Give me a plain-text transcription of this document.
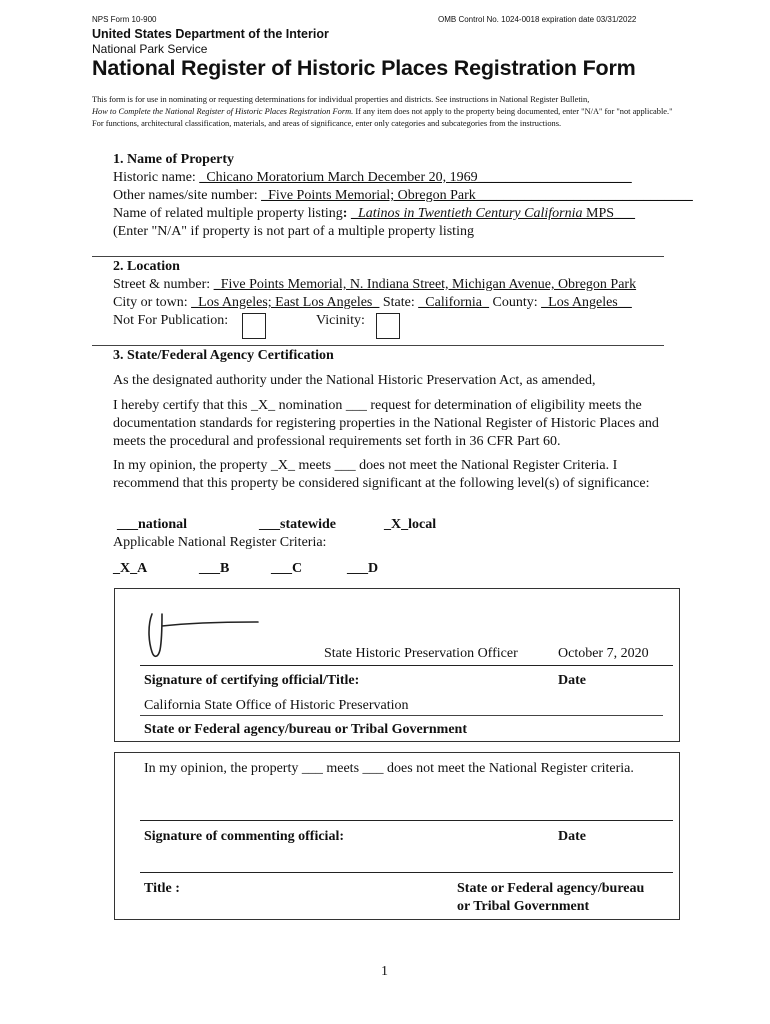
NPS Form 10-900	OMB Control No. 1024-0018 expiration date 03/31/2022
United States Department of the Interior
National Park Service
National Register of Historic Places Registration Form
This form is for use in nominating or requesting determinations for individual properties and districts. See instructions in National Register Bulletin,
How to Complete the National Register of Historic Places Registration Form. If any item does not apply to the property being documented, enter "N/A" for "not applicable." For functions, architectural classification, materials, and areas of significance, enter only categories and subcategories from the instructions.
1. Name of Property
Historic name: _Chicano Moratorium March December 20, 1969______________________
Other names/site number: _Five Points Memorial; Obregon Park_______________________________
Name of related multiple property listing: _Latinos in Twentieth Century California MPS___
(Enter "N/A" if property is not part of a multiple property listing
2. Location
Street & number: _Five Points Memorial, N. Indiana Street, Michigan Avenue, Obregon Park
City or town: _Los Angeles; East Los Angeles_ State: _California_ County: _Los Angeles__
Not For Publication:	Vicinity:
3. State/Federal Agency Certification
As the designated authority under the National Historic Preservation Act, as amended,
I hereby certify that this _X_ nomination ___ request for determination of eligibility meets the documentation standards for registering properties in the National Register of Historic Places and meets the procedural and professional requirements set forth in 36 CFR Part 60.
In my opinion, the property _X_ meets ___ does not meet the National Register Criteria. I recommend that this property be considered significant at the following level(s) of significance:
___national	___statewide	_X_local
Applicable National Register Criteria:
_X_A	___B	___C	___D
State Historic Preservation Officer	October 7, 2020
Signature of certifying official/Title:	Date
California State Office of Historic Preservation
State or Federal agency/bureau or Tribal Government
In my opinion, the property ___ meets ___ does not meet the National Register criteria.
Signature of commenting official:	Date
Title :	State or Federal agency/bureau
or Tribal Government
1
